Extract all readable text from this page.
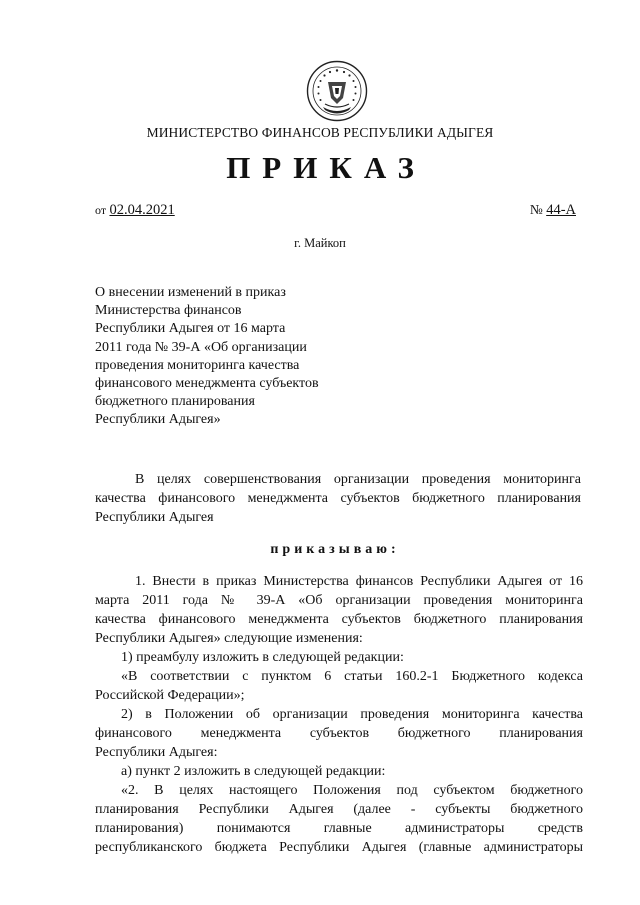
МИНИСТЕРСТВО ФИНАНСОВ РЕСПУБЛИКИ АДЫГЕЯ
ПРИКАЗ
от 02.04.2021	№ 44-А
г. Майкоп
О внесении изменений в приказ
Министерства финансов
Республики Адыгея от 16 марта
2011 года № 39-А «Об организации
проведения мониторинга качества
финансового менеджмента субъектов
бюджетного планирования
Республики Адыгея»
В целях совершенствования организации проведения мониторинга
качества финансового менеджмента субъектов бюджетного планирования
Республики Адыгея
приказываю:
1. Внести в приказ Министерства финансов Республики Адыгея от 16
марта 2011 года № 39-А «Об организации проведения мониторинга
качества финансового менеджмента субъектов бюджетного планирования
Республики Адыгея» следующие изменения:
1) преамбулу изложить в следующей редакции:
«В соответствии с пунктом 6 статьи 160.2-1 Бюджетного кодекса
Российской Федерации»;
2) в Положении об организации проведения мониторинга качества
финансового менеджмента субъектов бюджетного планирования
Республики Адыгея:
а) пункт 2 изложить в следующей редакции:
«2. В целях настоящего Положения под субъектом бюджетного
планирования Республики Адыгея (далее - субъекты бюджетного
планирования) понимаются главные администраторы средств
республиканского бюджета Республики Адыгея (главные администраторы
